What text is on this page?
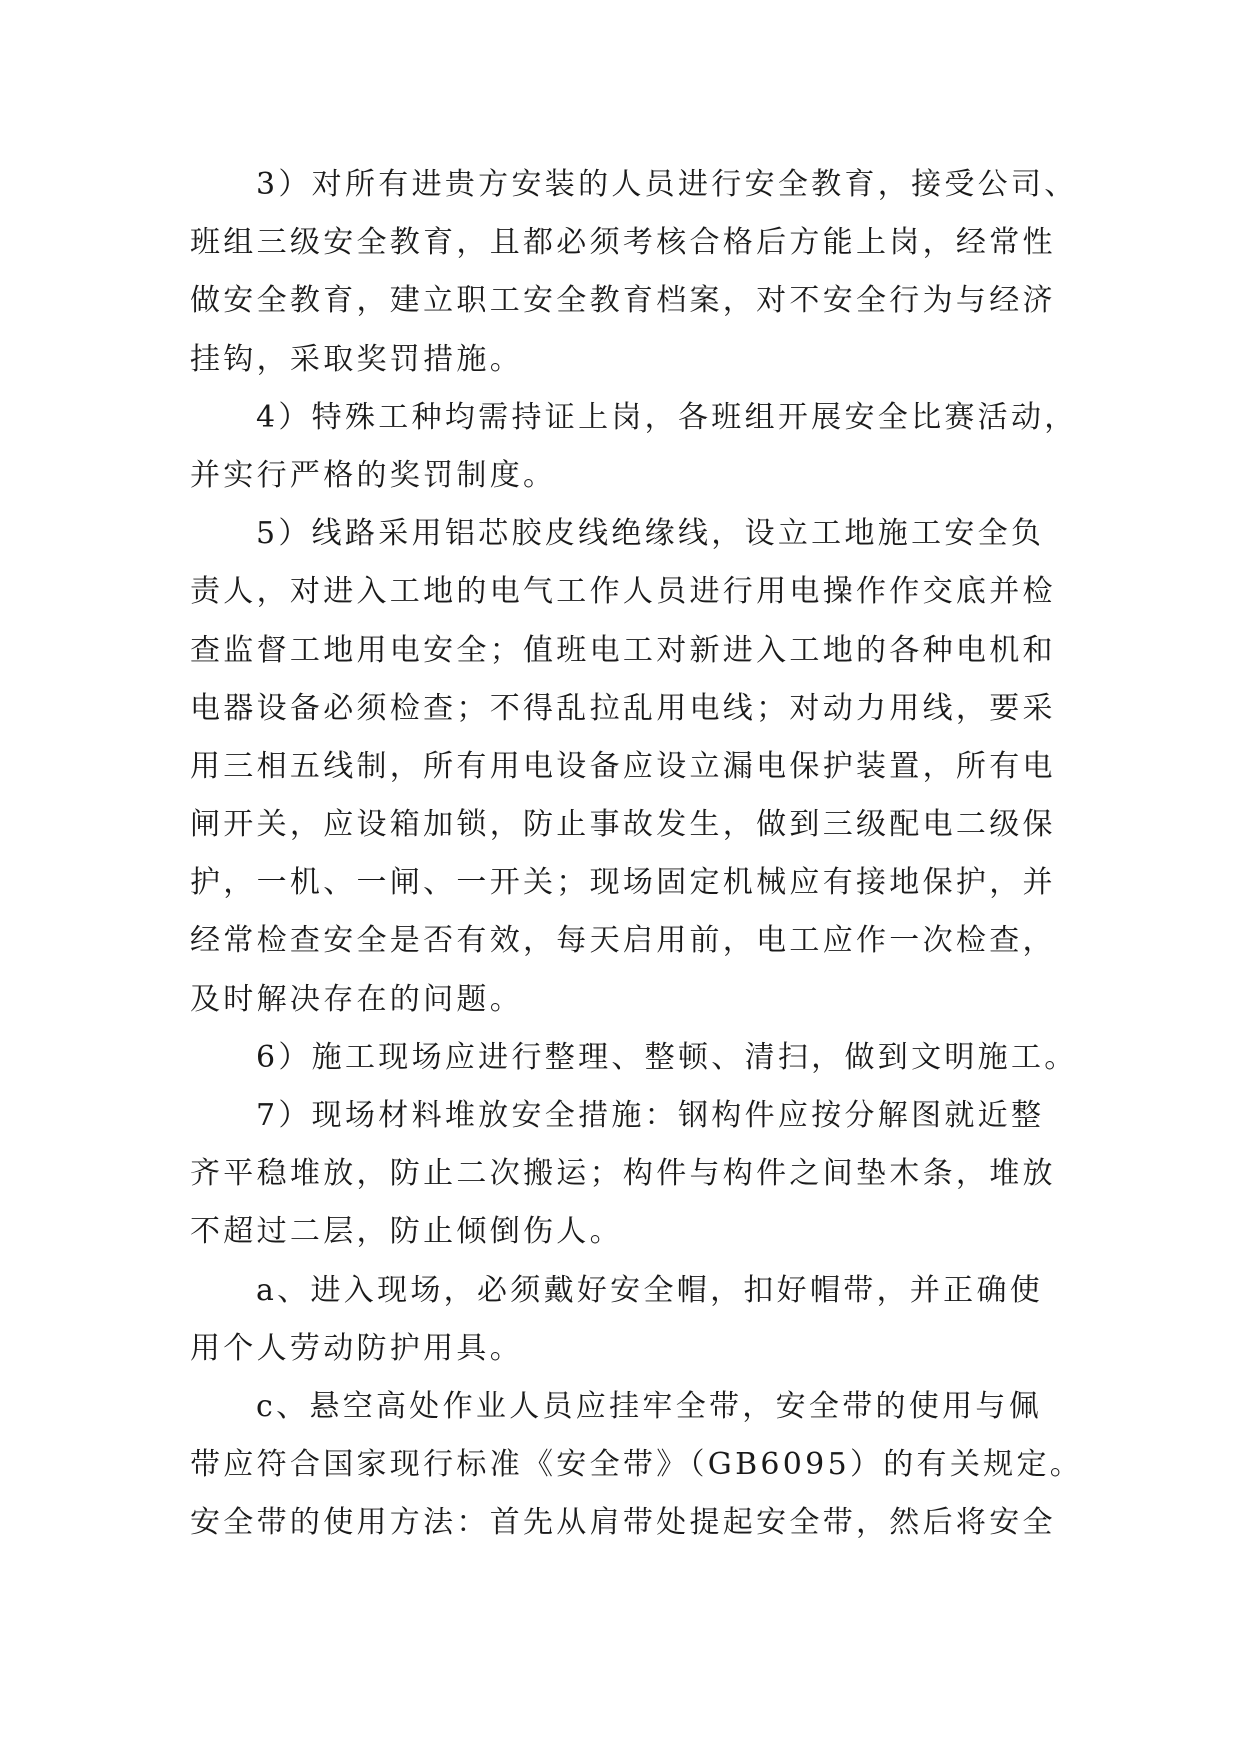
3）对所有进贵方安装的人员进行安全教育，接受公司、
班组三级安全教育，且都必须考核合格后方能上岗，经常性
做安全教育，建立职工安全教育档案，对不安全行为与经济
挂钩，采取奖罚措施。
4）特殊工种均需持证上岗，各班组开展安全比赛活动，
并实行严格的奖罚制度。
5）线路采用铝芯胶皮线绝缘线，设立工地施工安全负
责人，对进入工地的电气工作人员进行用电操作作交底并检
查监督工地用电安全；值班电工对新进入工地的各种电机和
电器设备必须检查；不得乱拉乱用电线；对动力用线，要采
用三相五线制，所有用电设备应设立漏电保护装置，所有电
闸开关，应设箱加锁，防止事故发生，做到三级配电二级保
护，一机、一闸、一开关；现场固定机械应有接地保护，并
经常检查安全是否有效，每天启用前，电工应作一次检查，
及时解决存在的问题。
6）施工现场应进行整理、整顿、清扫，做到文明施工。
7）现场材料堆放安全措施：钢构件应按分解图就近整
齐平稳堆放，防止二次搬运；构件与构件之间垫木条，堆放
不超过二层，防止倾倒伤人。
a、进入现场，必须戴好安全帽，扣好帽带，并正确使
用个人劳动防护用具。
c、悬空高处作业人员应挂牢全带，安全带的使用与佩
带应符合国家现行标准《安全带》（GB6095）的有关规定。
安全带的使用方法：首先从肩带处提起安全带，然后将安全
